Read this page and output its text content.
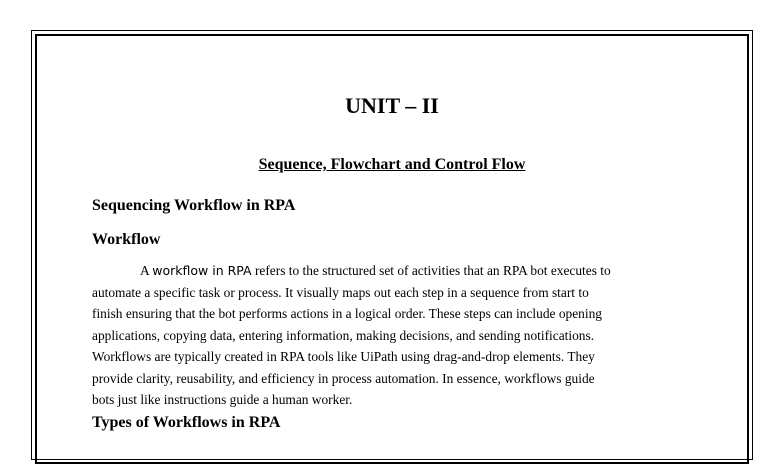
UNIT – II
Sequence, Flowchart and Control Flow
Sequencing Workflow in RPA
Workflow

A workflow in RPA refers to the structured set of activities that an RPA bot executes to
automate a specific task or process. It visually maps out each step in a sequence from start to
finish ensuring that the bot performs actions in a logical order. These steps can include opening
applications, copying data, entering information, making decisions, and sending notifications.
Workflows are typically created in RPA tools like UiPath using drag-and-drop elements. They
provide clarity, reusability, and efficiency in process automation. In essence, workflows guide
bots just like instructions guide a human worker.

Types of Workflows in RPA
